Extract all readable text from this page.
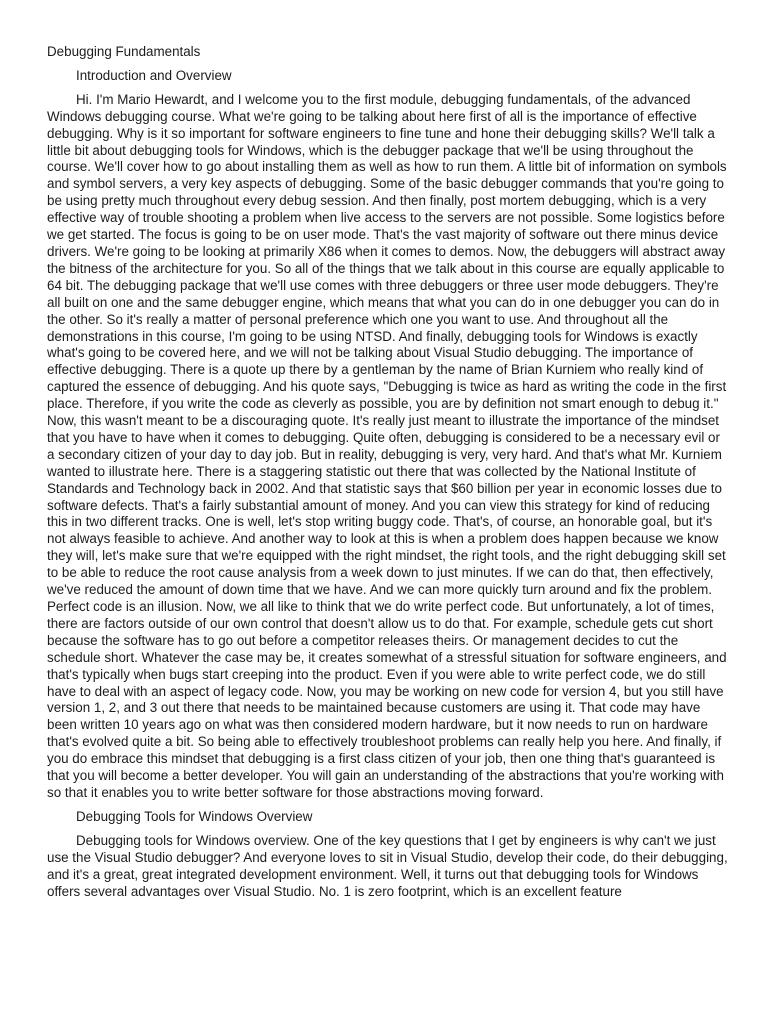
Debugging Fundamentals
Introduction and Overview

Hi. I'm Mario Hewardt, and I welcome you to the first module, debugging fundamentals, of the advanced Windows debugging course. What we're going to be talking about here first of all is the importance of effective debugging. Why is it so important for software engineers to fine tune and hone their debugging skills? We'll talk a little bit about debugging tools for Windows, which is the debugger package that we'll be using throughout the course. We'll cover how to go about installing them as well as how to run them. A little bit of information on symbols and symbol servers, a very key aspects of debugging. Some of the basic debugger commands that you're going to be using pretty much throughout every debug session. And then finally, post mortem debugging, which is a very effective way of trouble shooting a problem when live access to the servers are not possible. Some logistics before we get started. The focus is going to be on user mode. That's the vast majority of software out there minus device drivers. We're going to be looking at primarily X86 when it comes to demos. Now, the debuggers will abstract away the bitness of the architecture for you. So all of the things that we talk about in this course are equally applicable to 64 bit. The debugging package that we'll use comes with three debuggers or three user mode debuggers. They're all built on one and the same debugger engine, which means that what you can do in one debugger you can do in the other. So it's really a matter of personal preference which one you want to use. And throughout all the demonstrations in this course, I'm going to be using NTSD. And finally, debugging tools for Windows is exactly what's going to be covered here, and we will not be talking about Visual Studio debugging. The importance of effective debugging. There is a quote up there by a gentleman by the name of Brian Kurniem who really kind of captured the essence of debugging. And his quote says, "Debugging is twice as hard as writing the code in the first place. Therefore, if you write the code as cleverly as possible, you are by definition not smart enough to debug it." Now, this wasn't meant to be a discouraging quote. It's really just meant to illustrate the importance of the mindset that you have to have when it comes to debugging. Quite often, debugging is considered to be a necessary evil or a secondary citizen of your day to day job. But in reality, debugging is very, very hard. And that's what Mr. Kurniem wanted to illustrate here. There is a staggering statistic out there that was collected by the National Institute of Standards and Technology back in 2002. And that statistic says that $60 billion per year in economic losses due to software defects. That's a fairly substantial amount of money. And you can view this strategy for kind of reducing this in two different tracks. One is well, let's stop writing buggy code. That's, of course, an honorable goal, but it's not always feasible to achieve. And another way to look at this is when a problem does happen because we know they will, let's make sure that we're equipped with the right mindset, the right tools, and the right debugging skill set to be able to reduce the root cause analysis from a week down to just minutes. If we can do that, then effectively, we've reduced the amount of down time that we have. And we can more quickly turn around and fix the problem. Perfect code is an illusion. Now, we all like to think that we do write perfect code. But unfortunately, a lot of times, there are factors outside of our own control that doesn't allow us to do that. For example, schedule gets cut short because the software has to go out before a competitor releases theirs. Or management decides to cut the schedule short. Whatever the case may be, it creates somewhat of a stressful situation for software engineers, and that's typically when bugs start creeping into the product. Even if you were able to write perfect code, we do still have to deal with an aspect of legacy code. Now, you may be working on new code for version 4, but you still have version 1, 2, and 3 out there that needs to be maintained because customers are using it. That code may have been written 10 years ago on what was then considered modern hardware, but it now needs to run on hardware that's evolved quite a bit. So being able to effectively troubleshoot problems can really help you here. And finally, if you do embrace this mindset that debugging is a first class citizen of your job, then one thing that's guaranteed is that you will become a better developer. You will gain an understanding of the abstractions that you're working with so that it enables you to write better software for those abstractions moving forward.

Debugging Tools for Windows Overview

Debugging tools for Windows overview. One of the key questions that I get by engineers is why can't we just use the Visual Studio debugger? And everyone loves to sit in Visual Studio, develop their code, do their debugging, and it's a great, great integrated development environment. Well, it turns out that debugging tools for Windows offers several advantages over Visual Studio. No. 1 is zero footprint, which is an excellent feature
